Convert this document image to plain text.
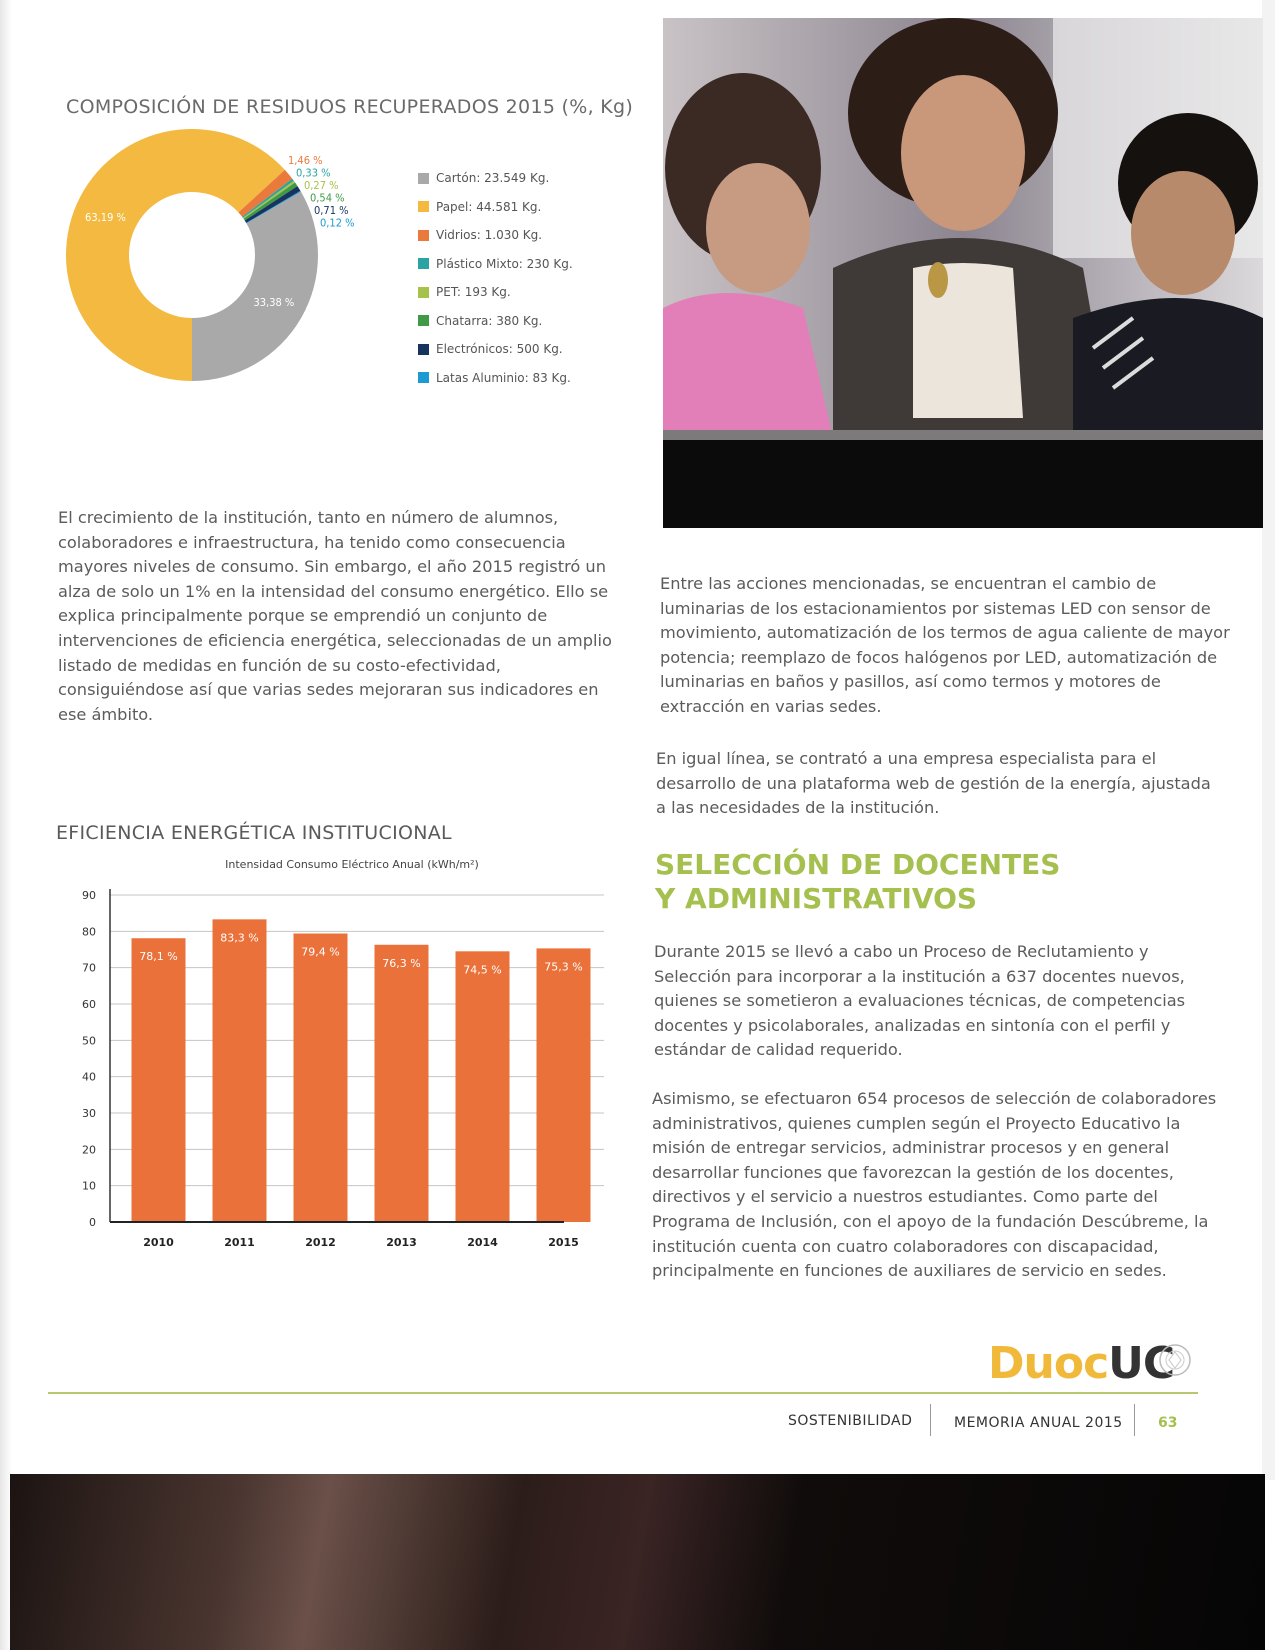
COMPOSICIÓN DE RESIDUOS RECUPERADOS 2015 (%, Kg)
33,38 %
63,19 %
1,46 %
0,33 %
0,27 %
0,54 %
0,71 %
0,12 %
Cartón: 23.549 Kg.
Papel: 44.581 Kg.
Vidrios: 1.030 Kg.
Plástico Mixto: 230 Kg.
PET: 193 Kg.
Chatarra: 380 Kg.
Electrónicos: 500 Kg.
Latas Aluminio: 83 Kg.

El crecimiento de la institución, tanto en número de alumnos, colaboradores e infraestructura, ha tenido como consecuencia mayores niveles de consumo. Sin embargo, el año 2015 registró un alza de solo un 1% en la intensidad del consumo energético. Ello se explica principalmente porque se emprendió un conjunto de intervenciones de eficiencia energética, seleccionadas de un amplio listado de medidas en función de su costo-efectividad, consiguiéndose así que varias sedes mejoraran sus indicadores en ese ámbito.

Entre las acciones mencionadas, se encuentran el cambio de luminarias de los estacionamientos por sistemas LED con sensor de movimiento, automatización de los termos de agua caliente de mayor potencia; reemplazo de focos halógenos por LED, automatización de luminarias en baños y pasillos, así como termos y motores de extracción en varias sedes.

En igual línea, se contrató a una empresa especialista para el desarrollo de una plataforma web de gestión de la energía, ajustada a las necesidades de la institución.

SELECCIÓN DE DOCENTES
Y ADMINISTRATIVOS

Durante 2015 se llevó a cabo un Proceso de Reclutamiento y Selección para incorporar a la institución a 637 docentes nuevos, quienes se sometieron a evaluaciones técnicas, de competencias docentes y psicolaborales, analizadas en sintonía con el perfil y estándar de calidad requerido.

Asimismo, se efectuaron 654 procesos de selección de colaboradores administrativos, quienes cumplen según el Proyecto Educativo la misión de entregar servicios, administrar procesos y en general desarrollar funciones que favorezcan la gestión de los docentes, directivos y el servicio a nuestros estudiantes. Como parte del Programa de Inclusión, con el apoyo de la fundación Descúbreme, la institución cuenta con cuatro colaboradores con discapacidad, principalmente en funciones de auxiliares de servicio en sedes.

EFICIENCIA ENERGÉTICA INSTITUCIONAL
Intensidad Consumo Eléctrico Anual (kWh/m²)
0
10
20
30
40
50
60
70
80
90
78,1 %
2010
83,3 %
2011
79,4 %
2012
76,3 %
2013
74,5 %
2014
75,3 %
2015
DuocUC
SOSTENIBILIDAD	MEMORIA ANUAL 2015	63
